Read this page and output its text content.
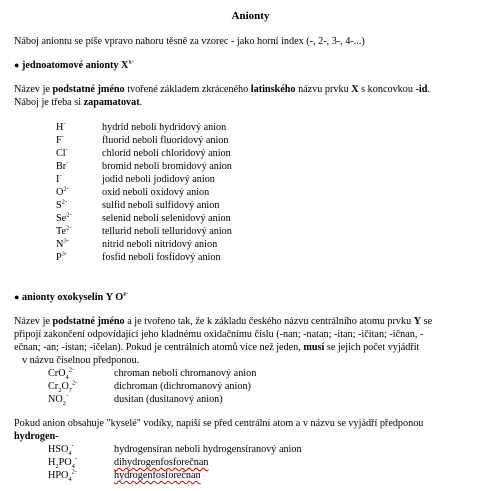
Anionty
Náboj aniontu se píše vpravo nahoru těsně za vzorec - jako horní index (-, 2-, 3-, 4-...)
● jednoatomové anionty $X^{x-}$
Název je podstatné jméno tvořené základem zkráceného latinského názvu prvku X s koncovkou -id.
Náboj je třeba si zapamatovat.
H-	hydrid neboli hydridový anion
F-	fluorid neboli fluoridový anion
Cl-	chlorid neboli chloridový anion
Br-	bromid neboli bromidový anion
I-	jodid neboli jodidový anion
$O^{2-}$	oxid neboli oxidový anion
$S^{2-}$	sulfid neboli sulfidový anion
$Se^{2-}$	selenid neboli selenidový anion
$Te^{2-}$	tellurid neboli telluridový anion
$N^{3-}$	nitrid neboli nitridový anion
$P^{3-}$	fosfid neboli fosfidový anion
● anionty oxokyselin Y $O^{z-}$
Název je podstatné jméno a je tvořeno tak, že k základu českého názvu centrálního atomu prvku Y se
připojí zakončení odpovídající jeho kladnému oxidačnímu číslu (-nan; -natan; -itan; -ičitan; -ičnan, -
ečnan; -an; -istan; -ičelan). Pokud je centrálních atomů více než jeden, musí se jejich počet vyjádřit
v názvu číselnou předponou.
CrO$_4^{2-}$	chroman neboli chromanový anion
$Cr_2O_7^{2-}$	dichroman (dichromanový anion)
$NO_2^-$	dusitan (dusitanový anion)
Pokud anion obsahuje "kyselé" vodíky, napíší se před centrální atom a v názvu se vyjádří předponou
hydrogen-
$HSO_4^-$	hydrogensíran neboli hydrogensíranový anion
$H_2PO_4^-$	dihydrogenfosforečnan
$HPO_4^{2-}$	hydrogenfosforečnan
